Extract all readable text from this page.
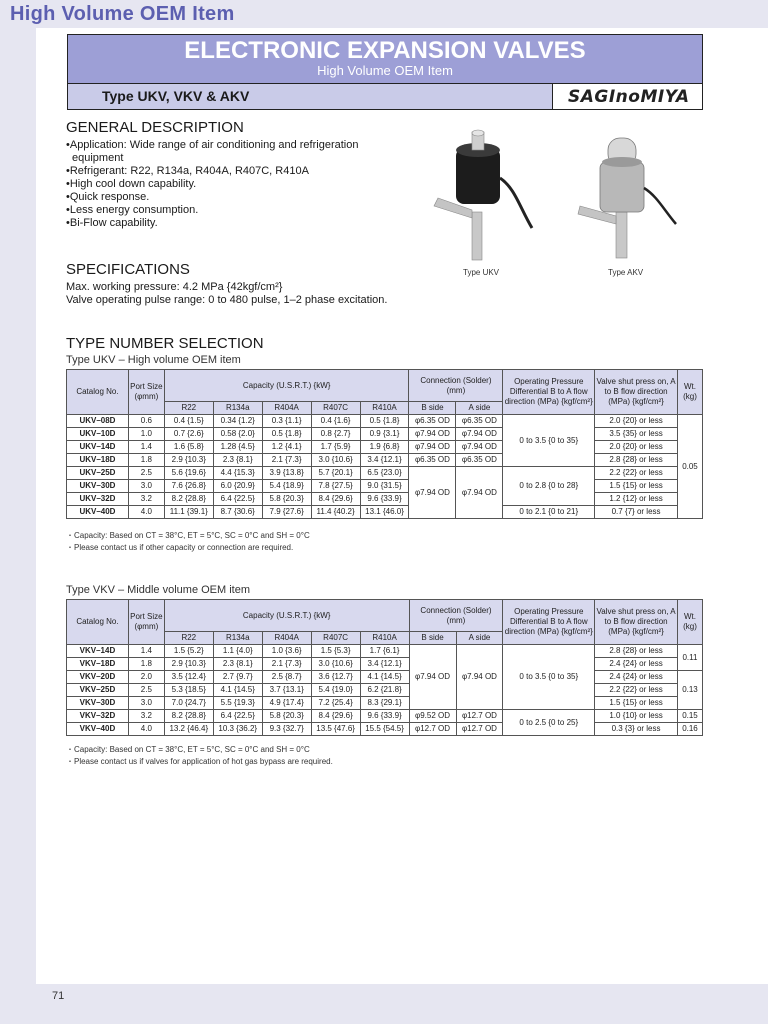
High Volume OEM Item
ELECTRONIC EXPANSION VALVES
High Volume OEM Item
Type UKV, VKV & AKV	SAGInoMIYA
GENERAL DESCRIPTION
•Application: Wide range of air conditioning and refrigeration equipment
•Refrigerant: R22, R134a, R404A, R407C, R410A
•High cool down capability.
•Quick response.
•Less energy consumption.
•Bi-Flow capability.
Type UKV	Type AKV
SPECIFICATIONS
Max. working pressure: 4.2 MPa {42kgf/cm²}
Valve operating pulse range: 0 to 480 pulse, 1–2 phase excitation.
TYPE NUMBER SELECTION
Type UKV – High volume OEM item
Catalog No.	Port Size (φmm)	Capacity (U.S.R.T.) {kW}					Connection (Solder) (mm)		Operating Pressure Differential B to A flow direction (MPa) {kgf/cm²}	Valve shut press on, A to B flow direction (MPa) {kgf/cm²}	Wt. (kg)
		R22	R134a	R404A	R407C	R410A	B side	A side			
UKV–08D	0.6	0.4 {1.5}	0.34 {1.2}	0.3 {1.1}	0.4 {1.6}	0.5 {1.8}	φ6.35 OD	φ6.35 OD	0 to 3.5 {0 to 35}	2.0 {20} or less	0.05
UKV–10D	1.0	0.7 {2.6}	0.58 {2.0}	0.5 {1.8}	0.8 {2.7}	0.9 {3.1}	φ7.94 OD	φ7.94 OD		3.5 {35} or less	
UKV–14D	1.4	1.6 {5.8}	1.28 {4.5}	1.2 {4.1}	1.7 {5.9}	1.9 {6.8}	φ7.94 OD	φ7.94 OD		2.0 {20} or less	
UKV–18D	1.8	2.9 {10.3}	2.3 {8.1}	2.1 {7.3}	3.0 {10.6}	3.4 {12.1}	φ6.35 OD	φ6.35 OD		2.8 {28} or less	
UKV–25D	2.5	5.6 {19.6}	4.4 {15.3}	3.9 {13.8}	5.7 {20.1}	6.5 {23.0}	φ7.94 OD	φ7.94 OD	0 to 2.8 {0 to 28}	2.2 {22} or less	
UKV–30D	3.0	7.6 {26.8}	6.0 {20.9}	5.4 {18.9}	7.8 {27.5}	9.0 {31.5}				1.5 {15} or less	
UKV–32D	3.2	8.2 {28.8}	6.4 {22.5}	5.8 {20.3}	8.4 {29.6}	9.6 {33.9}				1.2 {12} or less	
UKV–40D	4.0	11.1 {39.1}	8.7 {30.6}	7.9 {27.6}	11.4 {40.2}	13.1 {46.0}			0 to 2.1 {0 to 21}	0.7 {7} or less	
・Capacity: Based on CT = 38°C, ET = 5°C, SC = 0°C and SH = 0°C
・Please contact us if other capacity or connection are required.
Type VKV – Middle volume OEM item
Catalog No.	Port Size (φmm)	Capacity (U.S.R.T.) {kW}					Connection (Solder) (mm)		Operating Pressure Differential B to A flow direction (MPa) {kgf/cm²}	Valve shut press on, A to B flow direction (MPa) {kgf/cm²}	Wt. (kg)
		R22	R134a	R404A	R407C	R410A	B side	A side			
VKV–14D	1.4	1.5 {5.2}	1.1 {4.0}	1.0 {3.6}	1.5 {5.3}	1.7 {6.1}	φ7.94 OD	φ7.94 OD	0 to 3.5 {0 to 35}	2.8 {28} or less	0.11
VKV–18D	1.8	2.9 {10.3}	2.3 {8.1}	2.1 {7.3}	3.0 {10.6}	3.4 {12.1}				2.4 {24} or less	
VKV–20D	2.0	3.5 {12.4}	2.7 {9.7}	2.5 {8.7}	3.6 {12.7}	4.1 {14.5}				2.4 {24} or less	0.13
VKV–25D	2.5	5.3 {18.5}	4.1 {14.5}	3.7 {13.1}	5.4 {19.0}	6.2 {21.8}				2.2 {22} or less	
VKV–30D	3.0	7.0 {24.7}	5.5 {19.3}	4.9 {17.4}	7.2 {25.4}	8.3 {29.1}				1.5 {15} or less	
VKV–32D	3.2	8.2 {28.8}	6.4 {22.5}	5.8 {20.3}	8.4 {29.6}	9.6 {33.9}	φ9.52 OD	φ12.7 OD	0 to 2.5 {0 to 25}	1.0 {10} or less	0.15
VKV–40D	4.0	13.2 {46.4}	10.3 {36.2}	9.3 {32.7}	13.5 {47.6}	15.5 {54.5}	φ12.7 OD	φ12.7 OD		0.3 {3} or less	0.16
・Capacity: Based on CT = 38°C, ET = 5°C, SC = 0°C and SH = 0°C
・Please contact us if valves for application of hot gas bypass are required.
71
